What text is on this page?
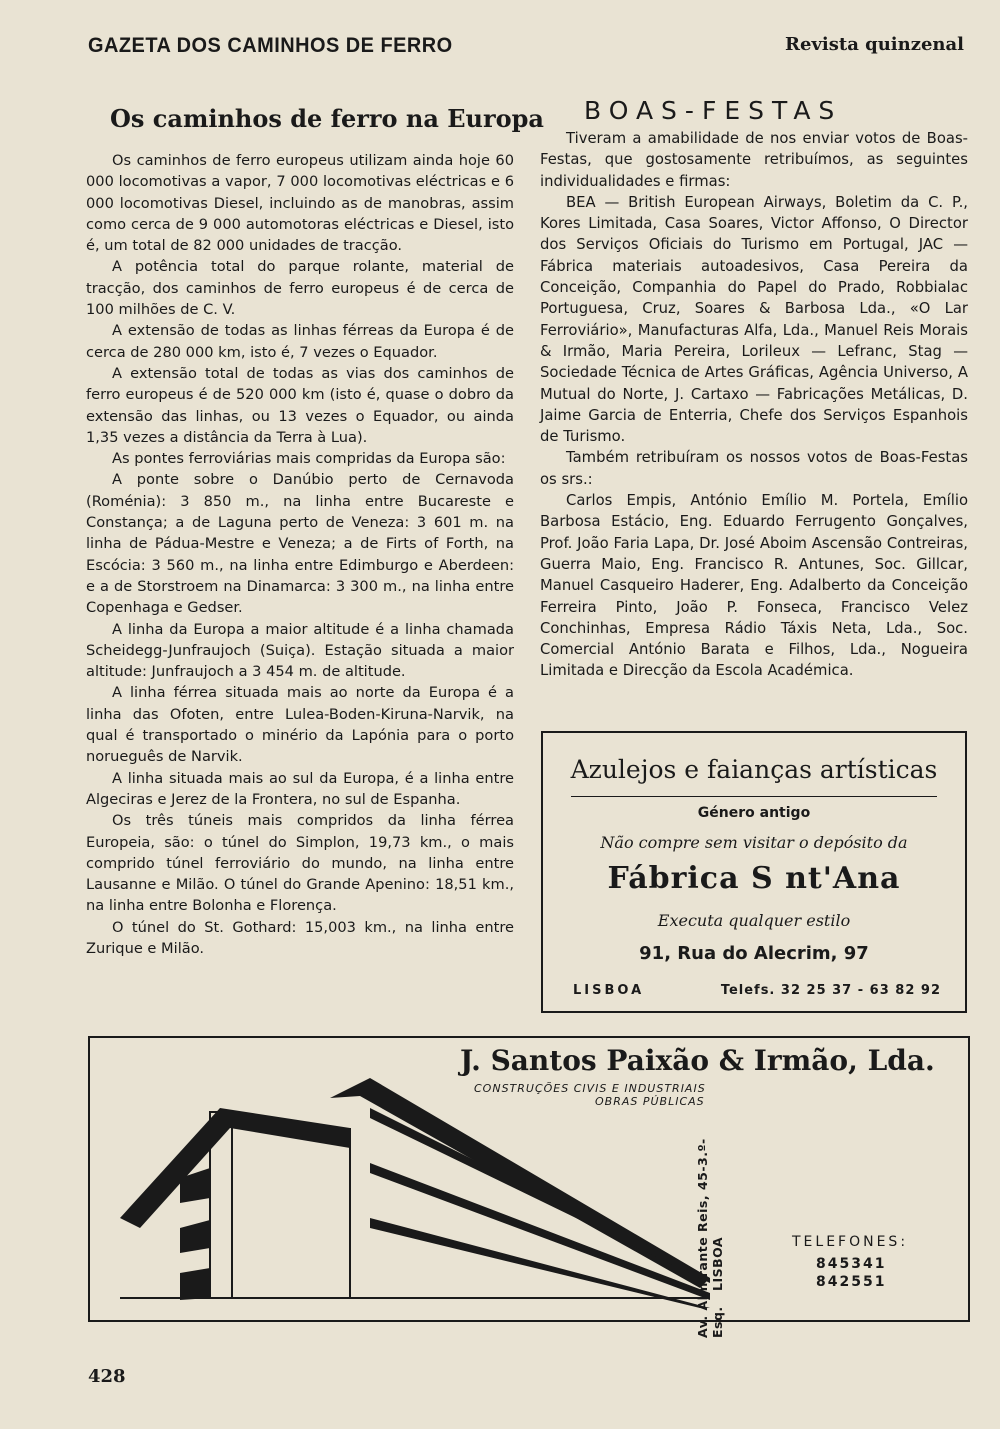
GAZETA DOS CAMINHOS DE FERRO	Revista quinzenal
Os caminhos de ferro na Europa

Os caminhos de ferro europeus utilizam ainda hoje 60 000 locomotivas a vapor, 7 000 locomotivas eléctricas e 6 000 locomotivas Diesel, incluindo as de manobras, assim como cerca de 9 000 automotoras eléctricas e Diesel, isto é, um total de 82 000 unidades de tracção.

A potência total do parque rolante, material de tracção, dos caminhos de ferro europeus é de cerca de 100 milhões de C. V.

A extensão de todas as linhas férreas da Europa é de cerca de 280 000 km, isto é, 7 vezes o Equador.

A extensão total de todas as vias dos caminhos de ferro europeus é de 520 000 km (isto é, quase o dobro da extensão das linhas, ou 13 vezes o Equador, ou ainda 1,35 vezes a distância da Terra à Lua).

As pontes ferroviárias mais compridas da Europa são:

A ponte sobre o Danúbio perto de Cernavoda (Roménia): 3 850 m., na linha entre Bucareste e Constança; a de Laguna perto de Veneza: 3 601 m. na linha de Pádua-Mestre e Veneza; a de Firts of Forth, na Escócia: 3 560 m., na linha entre Edimburgo e Aberdeen: e a de Storstroem na Dinamarca: 3 300 m., na linha entre Copenhaga e Gedser.

A linha da Europa a maior altitude é a linha chamada Scheidegg-Junfraujoch (Suiça). Estação situada a maior altitude: Junfraujoch a 3 454 m. de altitude.

A linha férrea situada mais ao norte da Europa é a linha das Ofoten, entre Lulea-Boden-Kiruna-Narvik, na qual é transportado o minério da Lapónia para o porto norueguês de Narvik.

A linha situada mais ao sul da Europa, é a linha entre Algeciras e Jerez de la Frontera, no sul de Espanha.

Os três túneis mais compridos da linha férrea Europeia, são: o túnel do Simplon, 19,73 km., o mais comprido túnel ferroviário do mundo, na linha entre Lausanne e Milão. O túnel do Grande Apenino: 18,51 km., na linha entre Bolonha e Florença.

O túnel do St. Gothard: 15,003 km., na linha entre Zurique e Milão.

BOAS-FESTAS

Tiveram a amabilidade de nos enviar votos de Boas-Festas, que gostosamente retribuímos, as seguintes individualidades e firmas:

BEA — British European Airways, Boletim da C. P., Kores Limitada, Casa Soares, Victor Affonso, O Director dos Serviços Oficiais do Turismo em Portugal, JAC — Fábrica materiais autoadesivos, Casa Pereira da Conceição, Companhia do Papel do Prado, Robbialac Portuguesa, Cruz, Soares & Barbosa Lda., «O Lar Ferroviário», Manufacturas Alfa, Lda., Manuel Reis Morais & Irmão, Maria Pereira, Lorileux — Lefranc, Stag — Sociedade Técnica de Artes Gráficas, Agência Universo, A Mutual do Norte, J. Cartaxo — Fabricações Metálicas, D. Jaime Garcia de Enterria, Chefe dos Serviços Espanhois de Turismo.

Também retribuíram os nossos votos de Boas-Festas os srs.:

Carlos Empis, António Emílio M. Portela, Emílio Barbosa Estácio, Eng. Eduardo Ferrugento Gonçalves, Prof. João Faria Lapa, Dr. José Aboim Ascensão Contreiras, Guerra Maio, Eng. Francisco R. Antunes, Soc. Gillcar, Manuel Casqueiro Haderer, Eng. Adalberto da Conceição Ferreira Pinto, João P. Fonseca, Francisco Velez Conchinhas, Empresa Rádio Táxis Neta, Lda., Soc. Comercial António Barata e Filhos, Lda., Nogueira Limitada e Direcção da Escola Académica.

Azulejos e faianças artísticas
Género antigo
Não compre sem visitar o depósito da
Fábrica S nt'Ana
Executa qualquer estilo
91, Rua do Alecrim, 97
LISBOA	Telefs. 32 25 37 - 63 82 92
J. Santos Paixão & Irmão, Lda.
CONSTRUÇÕES CIVIS E INDUSTRIAIS
OBRAS PÚBLICAS
Av. Almirante Reis, 45-3.º-Esq. LISBOA	TELEFONES:
845341
842551
428
